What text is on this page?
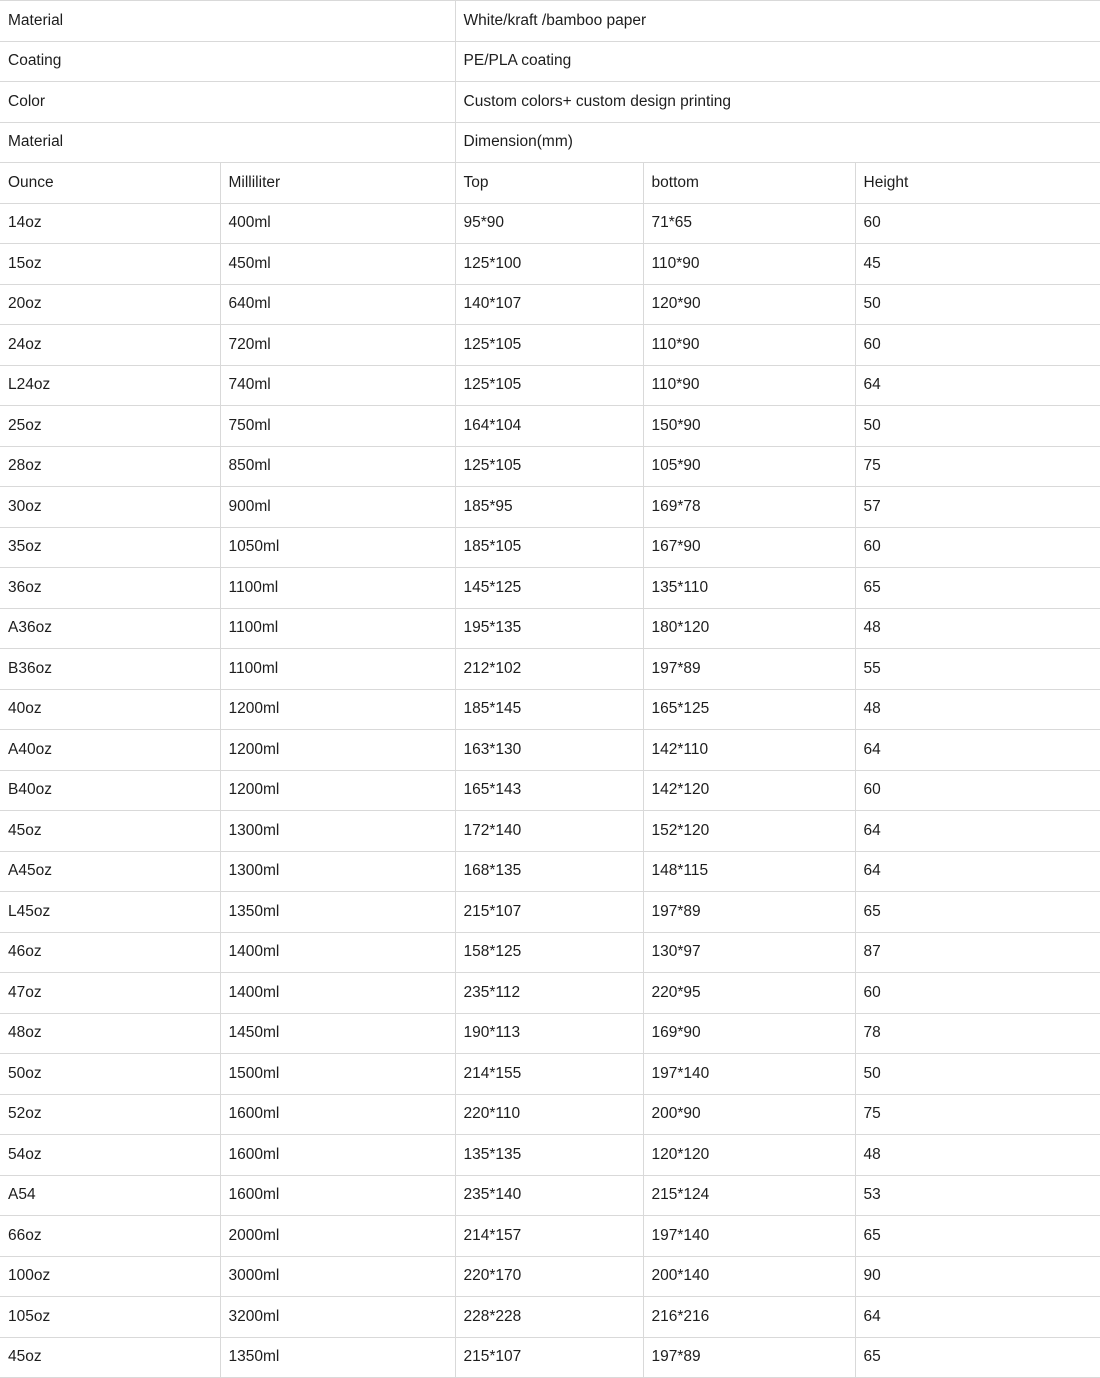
Material		White/kraft /bamboo paper		
Coating		PE/PLA coating		
Color		Custom colors+ custom design printing		
Material		Dimension(mm)		
Ounce	Milliliter	Top	bottom	Height
14oz	400ml	95*90	71*65	60
15oz	450ml	125*100	110*90	45
20oz	640ml	140*107	120*90	50
24oz	720ml	125*105	110*90	60
L24oz	740ml	125*105	110*90	64
25oz	750ml	164*104	150*90	50
28oz	850ml	125*105	105*90	75
30oz	900ml	185*95	169*78	57
35oz	1050ml	185*105	167*90	60
36oz	1100ml	145*125	135*110	65
A36oz	1100ml	195*135	180*120	48
B36oz	1100ml	212*102	197*89	55
40oz	1200ml	185*145	165*125	48
A40oz	1200ml	163*130	142*110	64
B40oz	1200ml	165*143	142*120	60
45oz	1300ml	172*140	152*120	64
A45oz	1300ml	168*135	148*115	64
L45oz	1350ml	215*107	197*89	65
46oz	1400ml	158*125	130*97	87
47oz	1400ml	235*112	220*95	60
48oz	1450ml	190*113	169*90	78
50oz	1500ml	214*155	197*140	50
52oz	1600ml	220*110	200*90	75
54oz	1600ml	135*135	120*120	48
A54	1600ml	235*140	215*124	53
66oz	2000ml	214*157	197*140	65
100oz	3000ml	220*170	200*140	90
105oz	3200ml	228*228	216*216	64
45oz	1350ml	215*107	197*89	65
